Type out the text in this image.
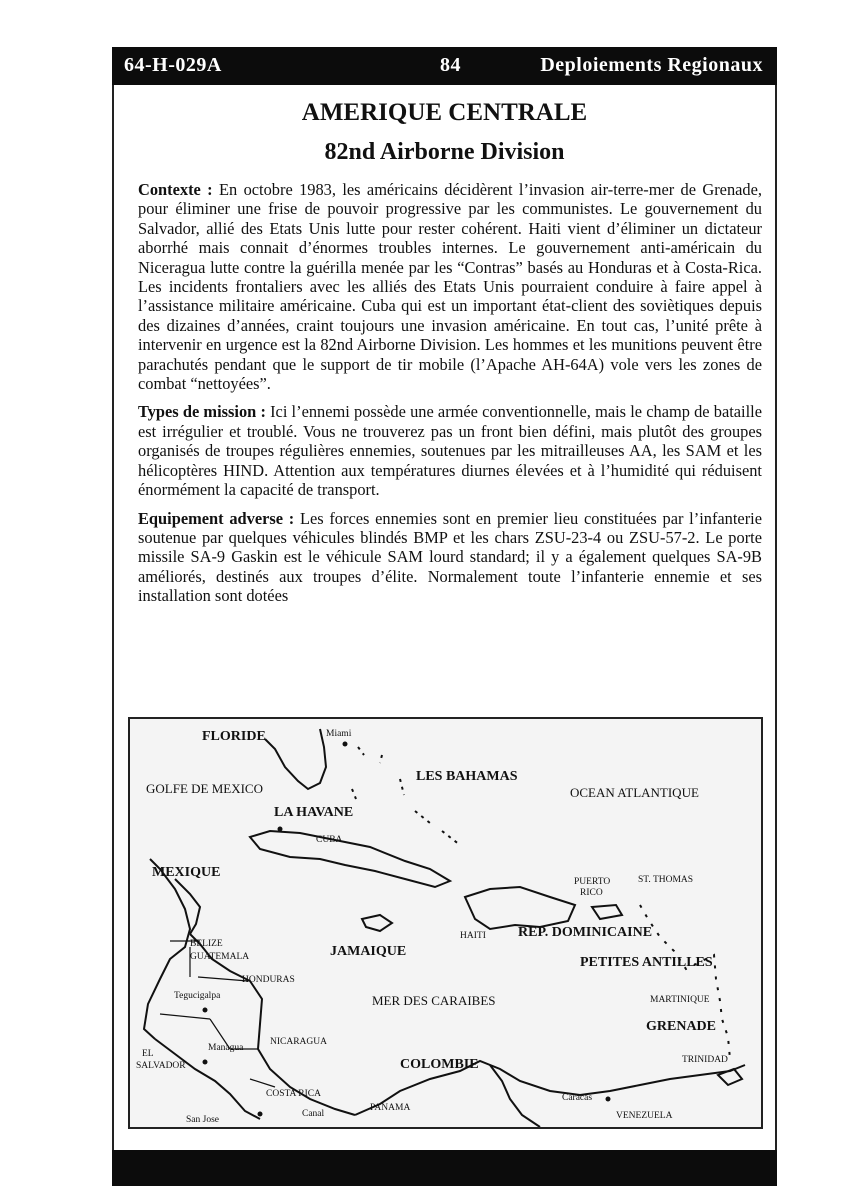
64-H-029A	84	Deploiements Regionaux
AMERIQUE CENTRALE
82nd Airborne Division

Contexte : En octobre 1983, les américains décidèrent l’invasion air-terre-mer de Grenade, pour éliminer une frise de pouvoir progressive par les communistes. Le gouvernement du Salvador, allié des Etats Unis lutte pour rester cohérent. Haiti vient d’éliminer un dictateur aborrhé mais connait d’énormes troubles internes. Le gouvernement anti-américain du Niceragua lutte contre la guérilla menée par les “Contras” basés au Honduras et à Costa-Rica. Les incidents frontaliers avec les alliés des Etats Unis pourraient conduire à faire appel à l’assistance militaire américaine. Cuba qui est un important état-client des soviètiques depuis des dizaines d’années, craint toujours une invasion américaine. En tout cas, l’unité prête à intervenir en urgence est la 82nd Airborne Division. Les hommes et les munitions peuvent être parachutés pendant que le support de tir mobile (l’Apache AH-64A) vole vers les zones de combat “nettoyées”.

Types de mission : Ici l’ennemi possède une armée conventionnelle, mais le champ de bataille est irrégulier et troublé. Vous ne trouverez pas un front bien défini, mais plutôt des groupes organisés de troupes régulières ennemies, soutenues par les mitrailleuses AA, les SAM et les hélicoptères HIND. Attention aux températures diurnes élevées et à l’humidité qui réduisent énormément la capacité de transport.

Equipement adverse : Les forces ennemies sont en premier lieu constituées par l’infanterie soutenue par quelques véhicules blindés BMP et les chars ZSU-23-4 ou ZSU-57-2. Le porte missile SA-9 Gaskin est le véhicule SAM lourd standard; il y a également quelques SA-9B améliorés, destinés aux troupes d’élite. Normalement toute l’infanterie ennemie et ses installation sont dotées

FLORIDE	Miami
LES BAHAMAS
GOLFE DE MEXICO	OCEAN ATLANTIQUE
LA HAVANE
CUBA
MEXIQUE
PUERTO
RICO
ST. THOMAS
BELIZE
GUATEMALA	JAMAIQUE
HAITI REP. DOMINICAINE
HONDURAS
PETITES ANTILLES
Tegucigalpa	MER DES CARAIBES	MARTINIQUE
GRENADE
NICARAGUA
Managua
EL
SALVADOR	COLOMBIE	TRINIDAD
COSTA RICA	Caracas
PANAMA
Canal
San Jose	VENEZUELA
